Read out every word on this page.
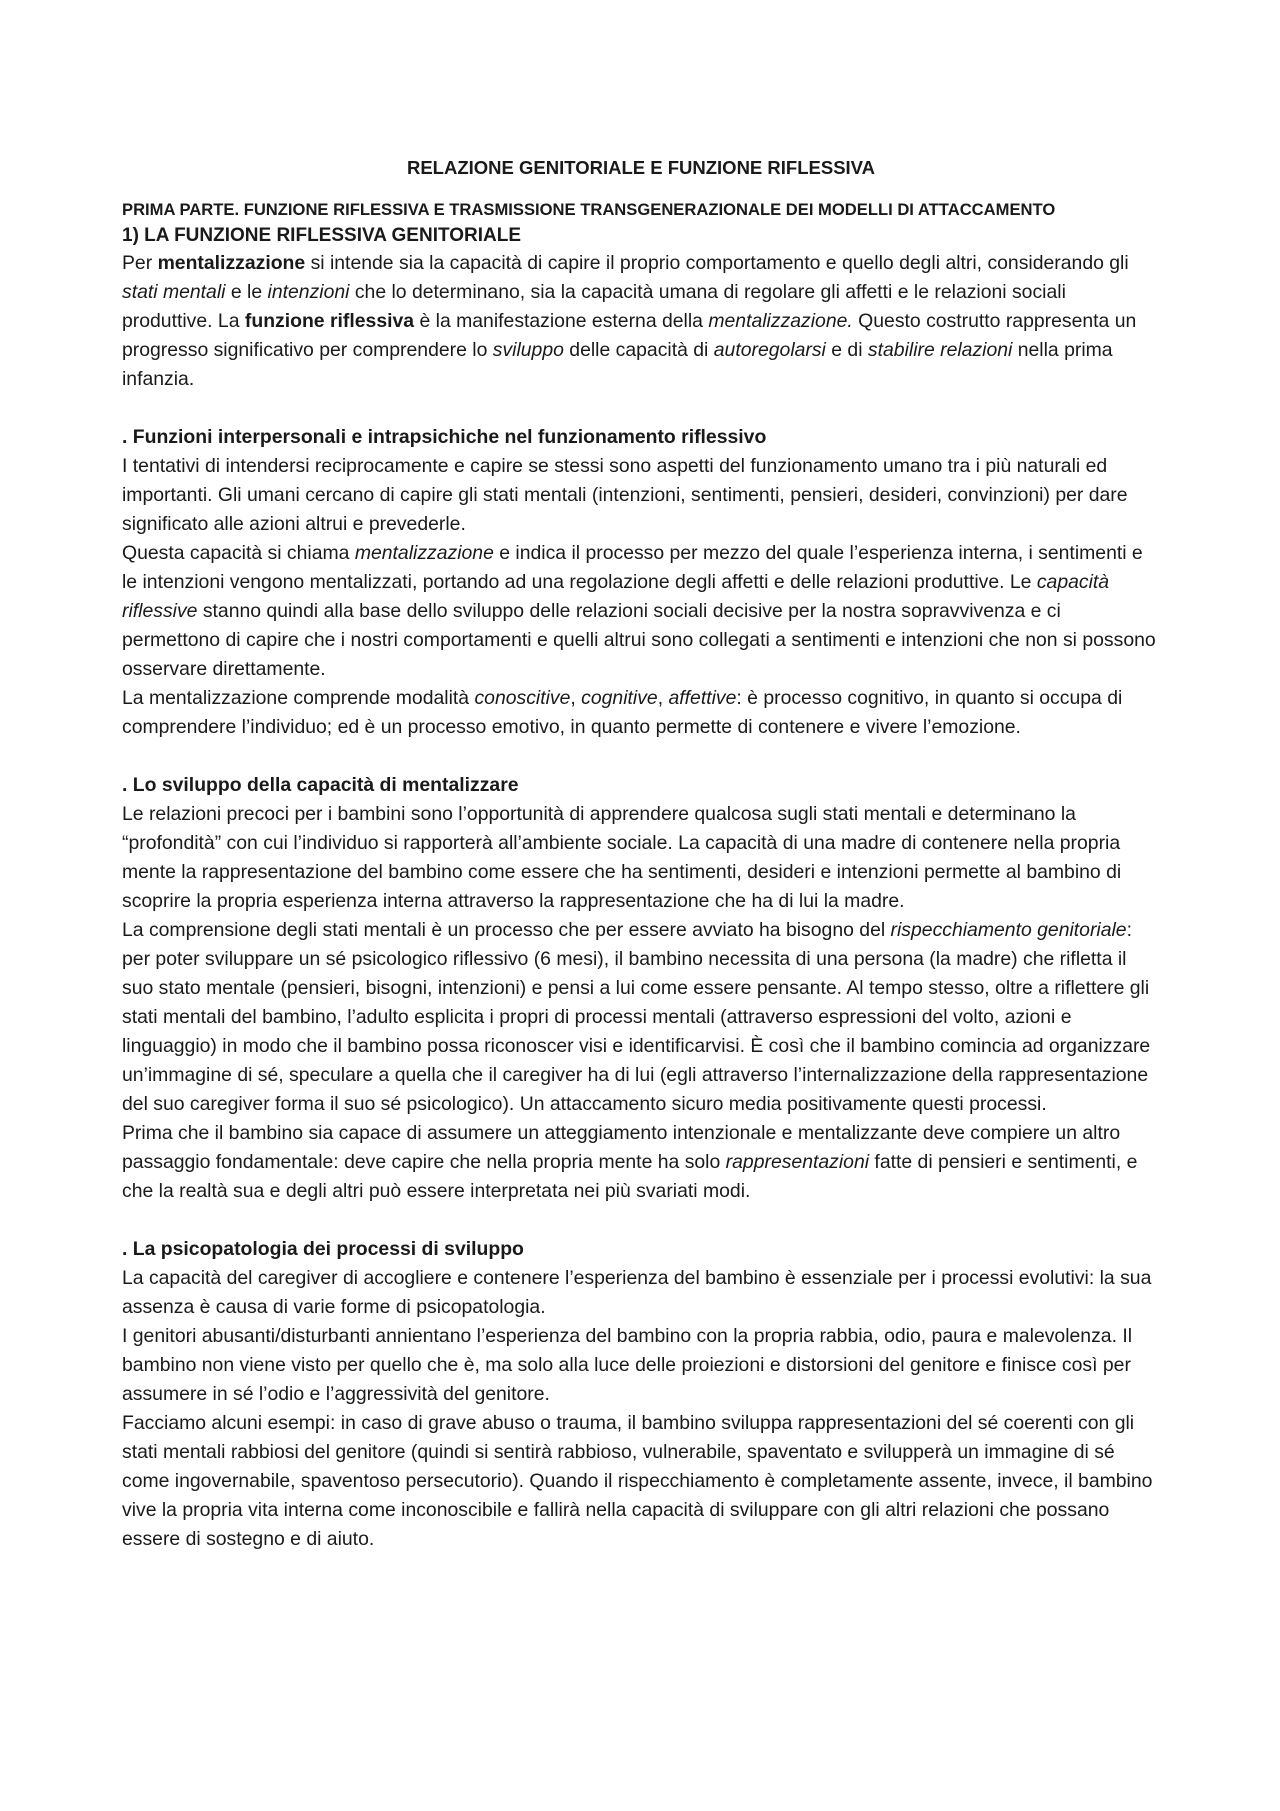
RELAZIONE GENITORIALE E FUNZIONE RIFLESSIVA

PRIMA PARTE. FUNZIONE RIFLESSIVA E TRASMISSIONE TRANSGENERAZIONALE DEI MODELLI DI ATTACCAMENTO

1) LA FUNZIONE RIFLESSIVA GENITORIALE

Per mentalizzazione si intende sia la capacità di capire il proprio comportamento e quello degli altri, considerando gli stati mentali e le intenzioni che lo determinano, sia la capacità umana di regolare gli affetti e le relazioni sociali produttive. La funzione riflessiva è la manifestazione esterna della mentalizzazione. Questo costrutto rappresenta un progresso significativo per comprendere lo sviluppo delle capacità di autoregolarsi e di stabilire relazioni nella prima infanzia.

. Funzioni interpersonali e intrapsichiche nel funzionamento riflessivo

I tentativi di intendersi reciprocamente e capire se stessi sono aspetti del funzionamento umano tra i più naturali ed importanti. Gli umani cercano di capire gli stati mentali (intenzioni, sentimenti, pensieri, desideri, convinzioni) per dare significato alle azioni altrui e prevederle.

Questa capacità si chiama mentalizzazione e indica il processo per mezzo del quale l’esperienza interna, i sentimenti e le intenzioni vengono mentalizzati, portando ad una regolazione degli affetti e delle relazioni produttive. Le capacità riflessive stanno quindi alla base dello sviluppo delle relazioni sociali decisive per la nostra sopravvivenza e ci permettono di capire che i nostri comportamenti e quelli altrui sono collegati a sentimenti e intenzioni che non si possono osservare direttamente.

La mentalizzazione comprende modalità conoscitive, cognitive, affettive: è processo cognitivo, in quanto si occupa di comprendere l’individuo; ed è un processo emotivo, in quanto permette di contenere e vivere l’emozione.

. Lo sviluppo della capacità di mentalizzare

Le relazioni precoci per i bambini sono l’opportunità di apprendere qualcosa sugli stati mentali e determinano la “profondità” con cui l’individuo si rapporterà all’ambiente sociale. La capacità di una madre di contenere nella propria mente la rappresentazione del bambino come essere che ha sentimenti, desideri e intenzioni permette al bambino di scoprire la propria esperienza interna attraverso la rappresentazione che ha di lui la madre.

La comprensione degli stati mentali è un processo che per essere avviato ha bisogno del rispecchiamento genitoriale: per poter sviluppare un sé psicologico riflessivo (6 mesi), il bambino necessita di una persona (la madre) che rifletta il suo stato mentale (pensieri, bisogni, intenzioni) e pensi a lui come essere pensante. Al tempo stesso, oltre a riflettere gli stati mentali del bambino, l’adulto esplicita i propri di processi mentali (attraverso espressioni del volto, azioni e linguaggio) in modo che il bambino possa riconoscer visi e identificarvisi. È così che il bambino comincia ad organizzare un’immagine di sé, speculare a quella che il caregiver ha di lui (egli attraverso l’internalizzazione della rappresentazione del suo caregiver forma il suo sé psicologico). Un attaccamento sicuro media positivamente questi processi.

Prima che il bambino sia capace di assumere un atteggiamento intenzionale e mentalizzante deve compiere un altro passaggio fondamentale: deve capire che nella propria mente ha solo rappresentazioni fatte di pensieri e sentimenti, e che la realtà sua e degli altri può essere interpretata nei più svariati modi.

. La psicopatologia dei processi di sviluppo

La capacità del caregiver di accogliere e contenere l’esperienza del bambino è essenziale per i processi evolutivi: la sua assenza è causa di varie forme di psicopatologia.

I genitori abusanti/disturbanti annientano l’esperienza del bambino con la propria rabbia, odio, paura e malevolenza. Il bambino non viene visto per quello che è, ma solo alla luce delle proiezioni e distorsioni del genitore e finisce così per assumere in sé l’odio e l’aggressività del genitore.

Facciamo alcuni esempi: in caso di grave abuso o trauma, il bambino sviluppa rappresentazioni del sé coerenti con gli stati mentali rabbiosi del genitore (quindi si sentirà rabbioso, vulnerabile, spaventato e svilupperà un immagine di sé come ingovernabile, spaventoso persecutorio). Quando il rispecchiamento è completamente assente, invece, il bambino vive la propria vita interna come inconoscibile e fallirà nella capacità di sviluppare con gli altri relazioni che possano essere di sostegno e di aiuto.
